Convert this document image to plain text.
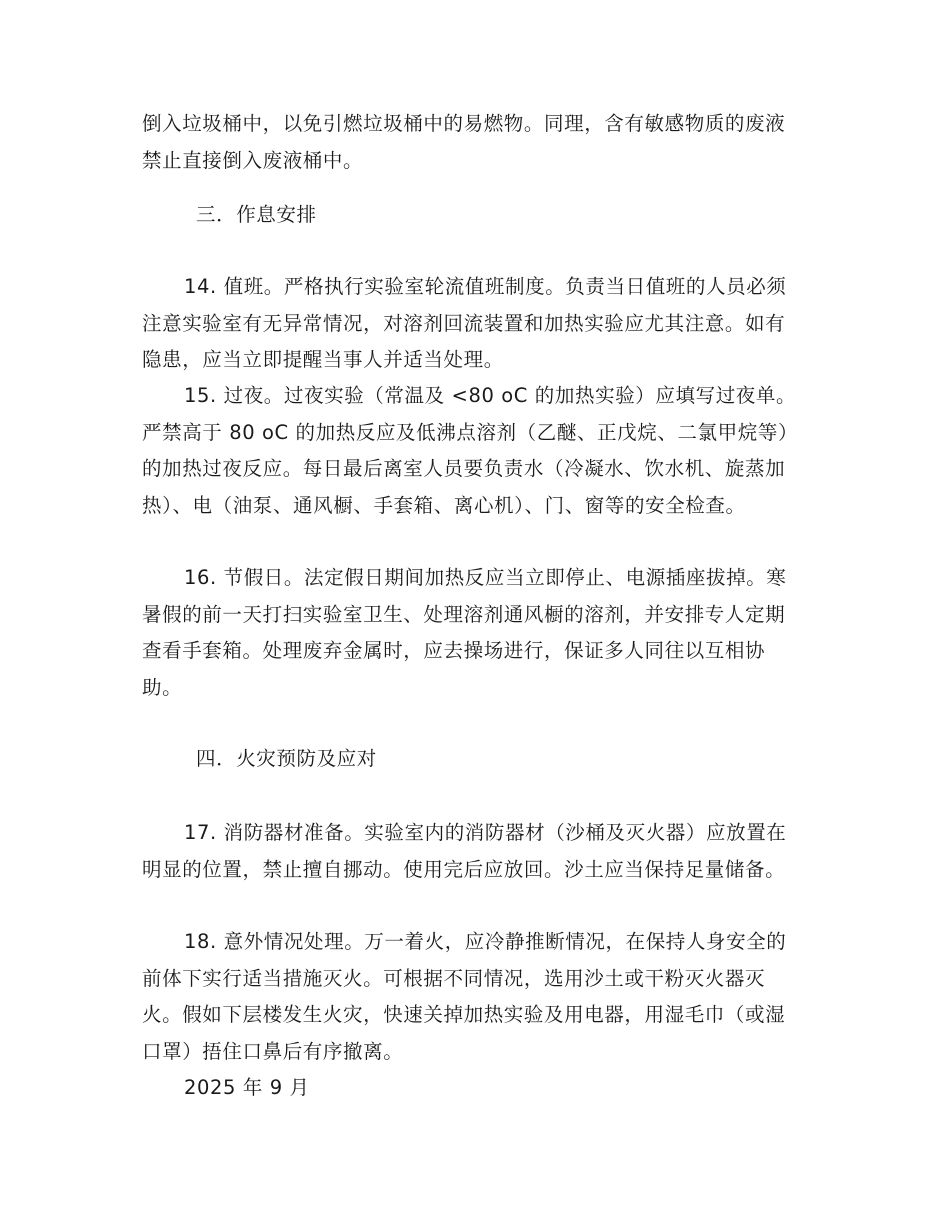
倒入垃圾桶中，以免引燃垃圾桶中的易燃物。同理，含有敏感物质的废液禁止直接倒入废液桶中。

三．作息安排

14. 值班。严格执行实验室轮流值班制度。负责当日值班的人员必须注意实验室有无异常情况，对溶剂回流装置和加热实验应尤其注意。如有隐患，应当立即提醒当事人并适当处理。

15. 过夜。过夜实验（常温及 <80 oC 的加热实验）应填写过夜单。严禁高于 80 oC 的加热反应及低沸点溶剂（乙醚、正戊烷、二氯甲烷等）的加热过夜反应。每日最后离室人员要负责水（冷凝水、饮水机、旋蒸加热）、电（油泵、通风橱、手套箱、离心机）、门、窗等的安全检查。

16. 节假日。法定假日期间加热反应当立即停止、电源插座拔掉。寒暑假的前一天打扫实验室卫生、处理溶剂通风橱的溶剂，并安排专人定期查看手套箱。处理废弃金属时，应去操场进行，保证多人同往以互相协助。

四．火灾预防及应对

17. 消防器材准备。实验室内的消防器材（沙桶及灭火器）应放置在明显的位置，禁止擅自挪动。使用完后应放回。沙土应当保持足量储备。

18. 意外情况处理。万一着火，应冷静推断情况，在保持人身安全的前体下实行适当措施灭火。可根据不同情况，选用沙土或干粉灭火器灭火。假如下层楼发生火灾，快速关掉加热实验及用电器，用湿毛巾（或湿口罩）捂住口鼻后有序撤离。

2025 年 9 月
